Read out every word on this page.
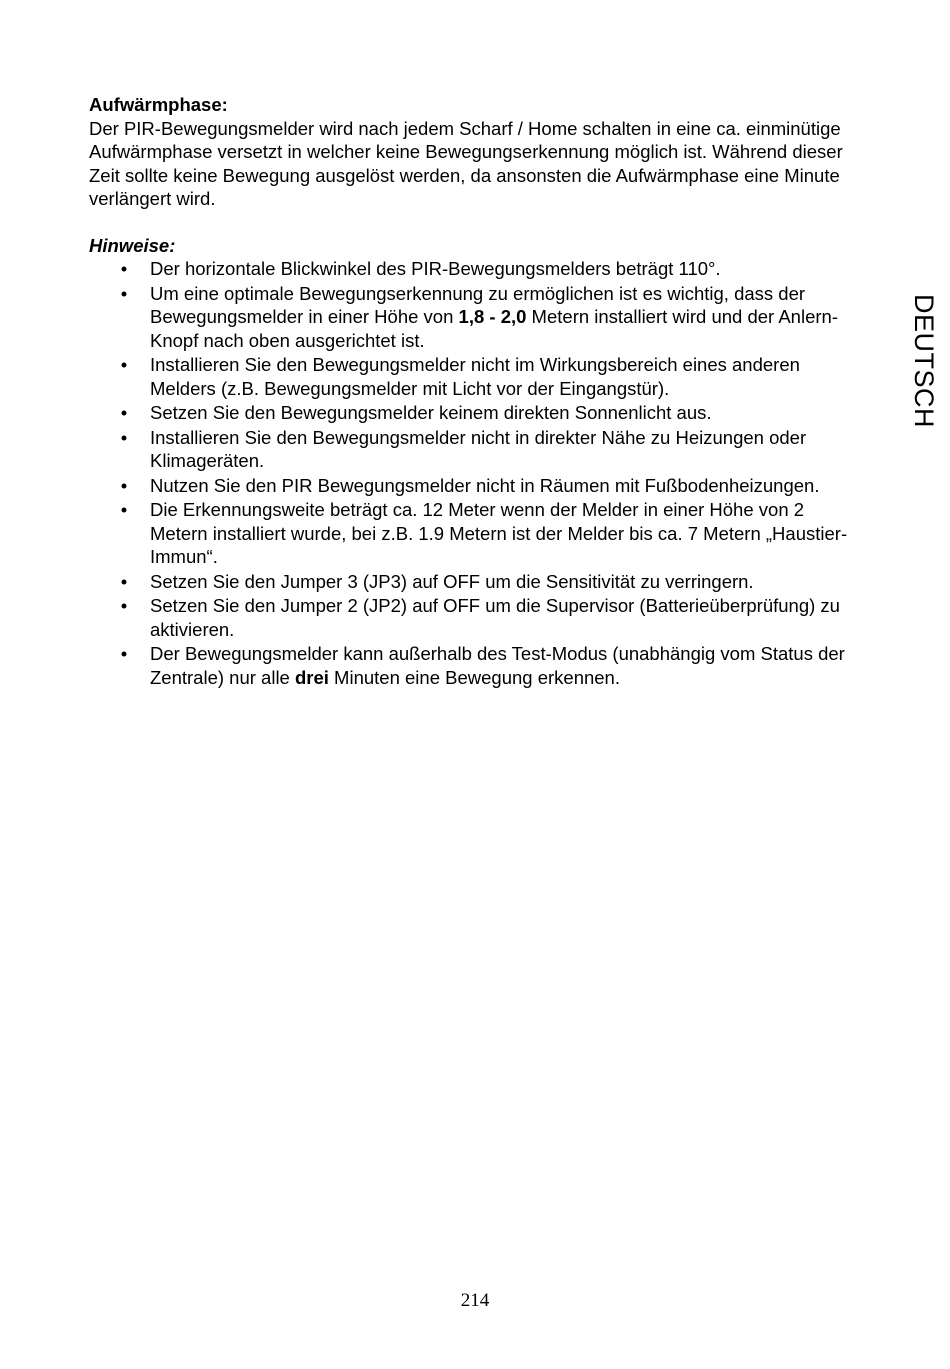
Aufwärmphase:

Der PIR-Bewegungsmelder wird nach jedem Scharf / Home schalten in eine ca. einminütige Aufwärmphase versetzt in welcher keine Bewegungserkennung möglich ist. Während dieser Zeit sollte keine Bewegung ausgelöst werden, da ansonsten die Aufwärmphase eine Minute verlängert wird.

Hinweise:

• Der horizontale Blickwinkel des PIR-Bewegungsmelders beträgt 110°.
• Um eine optimale Bewegungserkennung zu ermöglichen ist es wichtig, dass der Bewegungsmelder in einer Höhe von 1,8 - 2,0 Metern installiert wird und der Anlern-Knopf nach oben ausgerichtet ist.
• Installieren Sie den Bewegungsmelder nicht im Wirkungsbereich eines anderen Melders (z.B. Bewegungsmelder mit Licht vor der Eingangstür).
• Setzen Sie den Bewegungsmelder keinem direkten Sonnenlicht aus.
• Installieren Sie den Bewegungsmelder nicht in direkter Nähe zu Heizungen oder Klimageräten.
• Nutzen Sie den PIR Bewegungsmelder nicht in Räumen mit Fußbodenheizungen.
• Die Erkennungsweite beträgt ca. 12 Meter wenn der Melder in einer Höhe von 2 Metern installiert wurde, bei z.B. 1.9 Metern ist der Melder bis ca. 7 Metern „Haustier-Immun“.
• Setzen Sie den Jumper 3 (JP3) auf OFF um die Sensitivität zu verringern.
• Setzen Sie den Jumper 2 (JP2) auf OFF um die Supervisor (Batterieüberprüfung) zu aktivieren.
• Der Bewegungsmelder kann außerhalb des Test-Modus (unabhängig vom Status der Zentrale) nur alle drei Minuten eine Bewegung erkennen.
DEUTSCH
214
